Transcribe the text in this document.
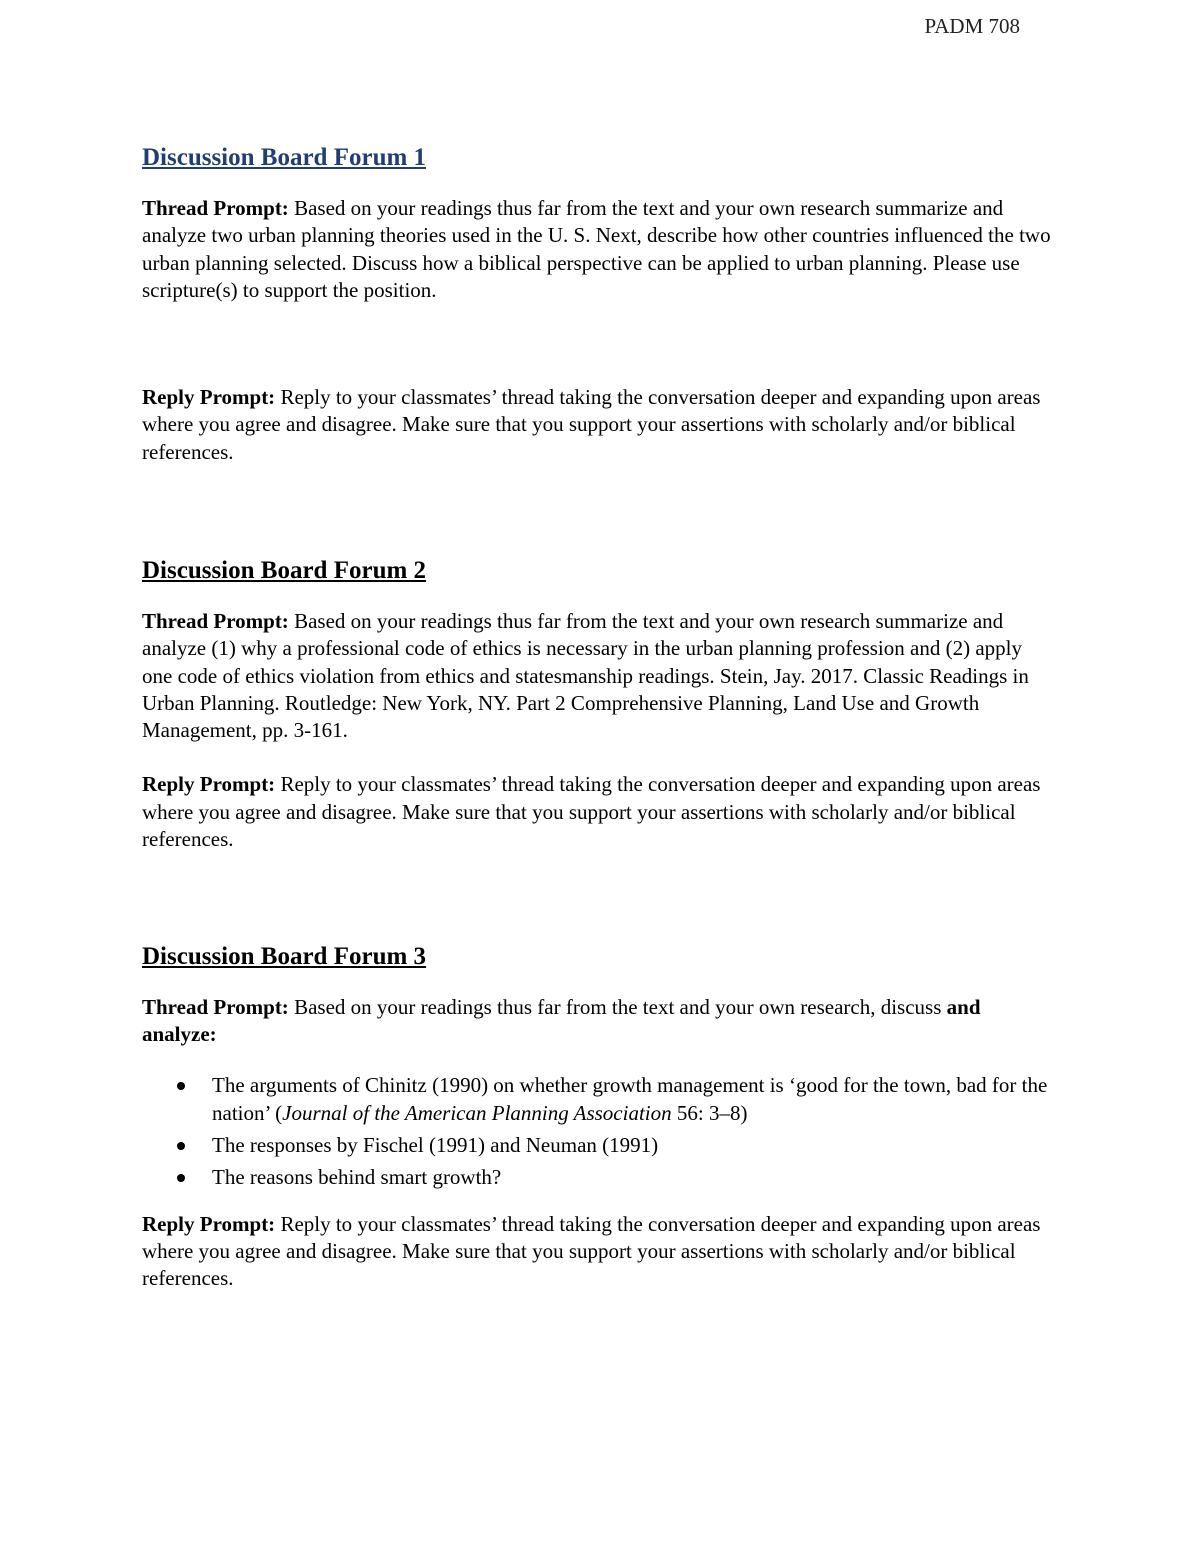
PADM 708
Discussion Board Forum 1

Thread Prompt: Based on your readings thus far from the text and your own research summarize and analyze two urban planning theories used in the U. S. Next, describe how other countries influenced the two urban planning selected. Discuss how a biblical perspective can be applied to urban planning. Please use scripture(s) to support the position.

Reply Prompt: Reply to your classmates’ thread taking the conversation deeper and expanding upon areas where you agree and disagree. Make sure that you support your assertions with scholarly and/or biblical references.

Discussion Board Forum 2

Thread Prompt: Based on your readings thus far from the text and your own research summarize and analyze (1) why a professional code of ethics is necessary in the urban planning profession and (2) apply one code of ethics violation from ethics and statesmanship readings. Stein, Jay. 2017. Classic Readings in Urban Planning. Routledge: New York, NY. Part 2 Comprehensive Planning, Land Use and Growth Management, pp. 3-161.

Reply Prompt: Reply to your classmates’ thread taking the conversation deeper and expanding upon areas where you agree and disagree. Make sure that you support your assertions with scholarly and/or biblical references.

Discussion Board Forum 3

Thread Prompt: Based on your readings thus far from the text and your own research, discuss and analyze:

The arguments of Chinitz (1990) on whether growth management is ‘good for the town, bad for the nation’ (Journal of the American Planning Association 56: 3–8)
The responses by Fischel (1991) and Neuman (1991)
The reasons behind smart growth?

Reply Prompt: Reply to your classmates’ thread taking the conversation deeper and expanding upon areas where you agree and disagree. Make sure that you support your assertions with scholarly and/or biblical references.
